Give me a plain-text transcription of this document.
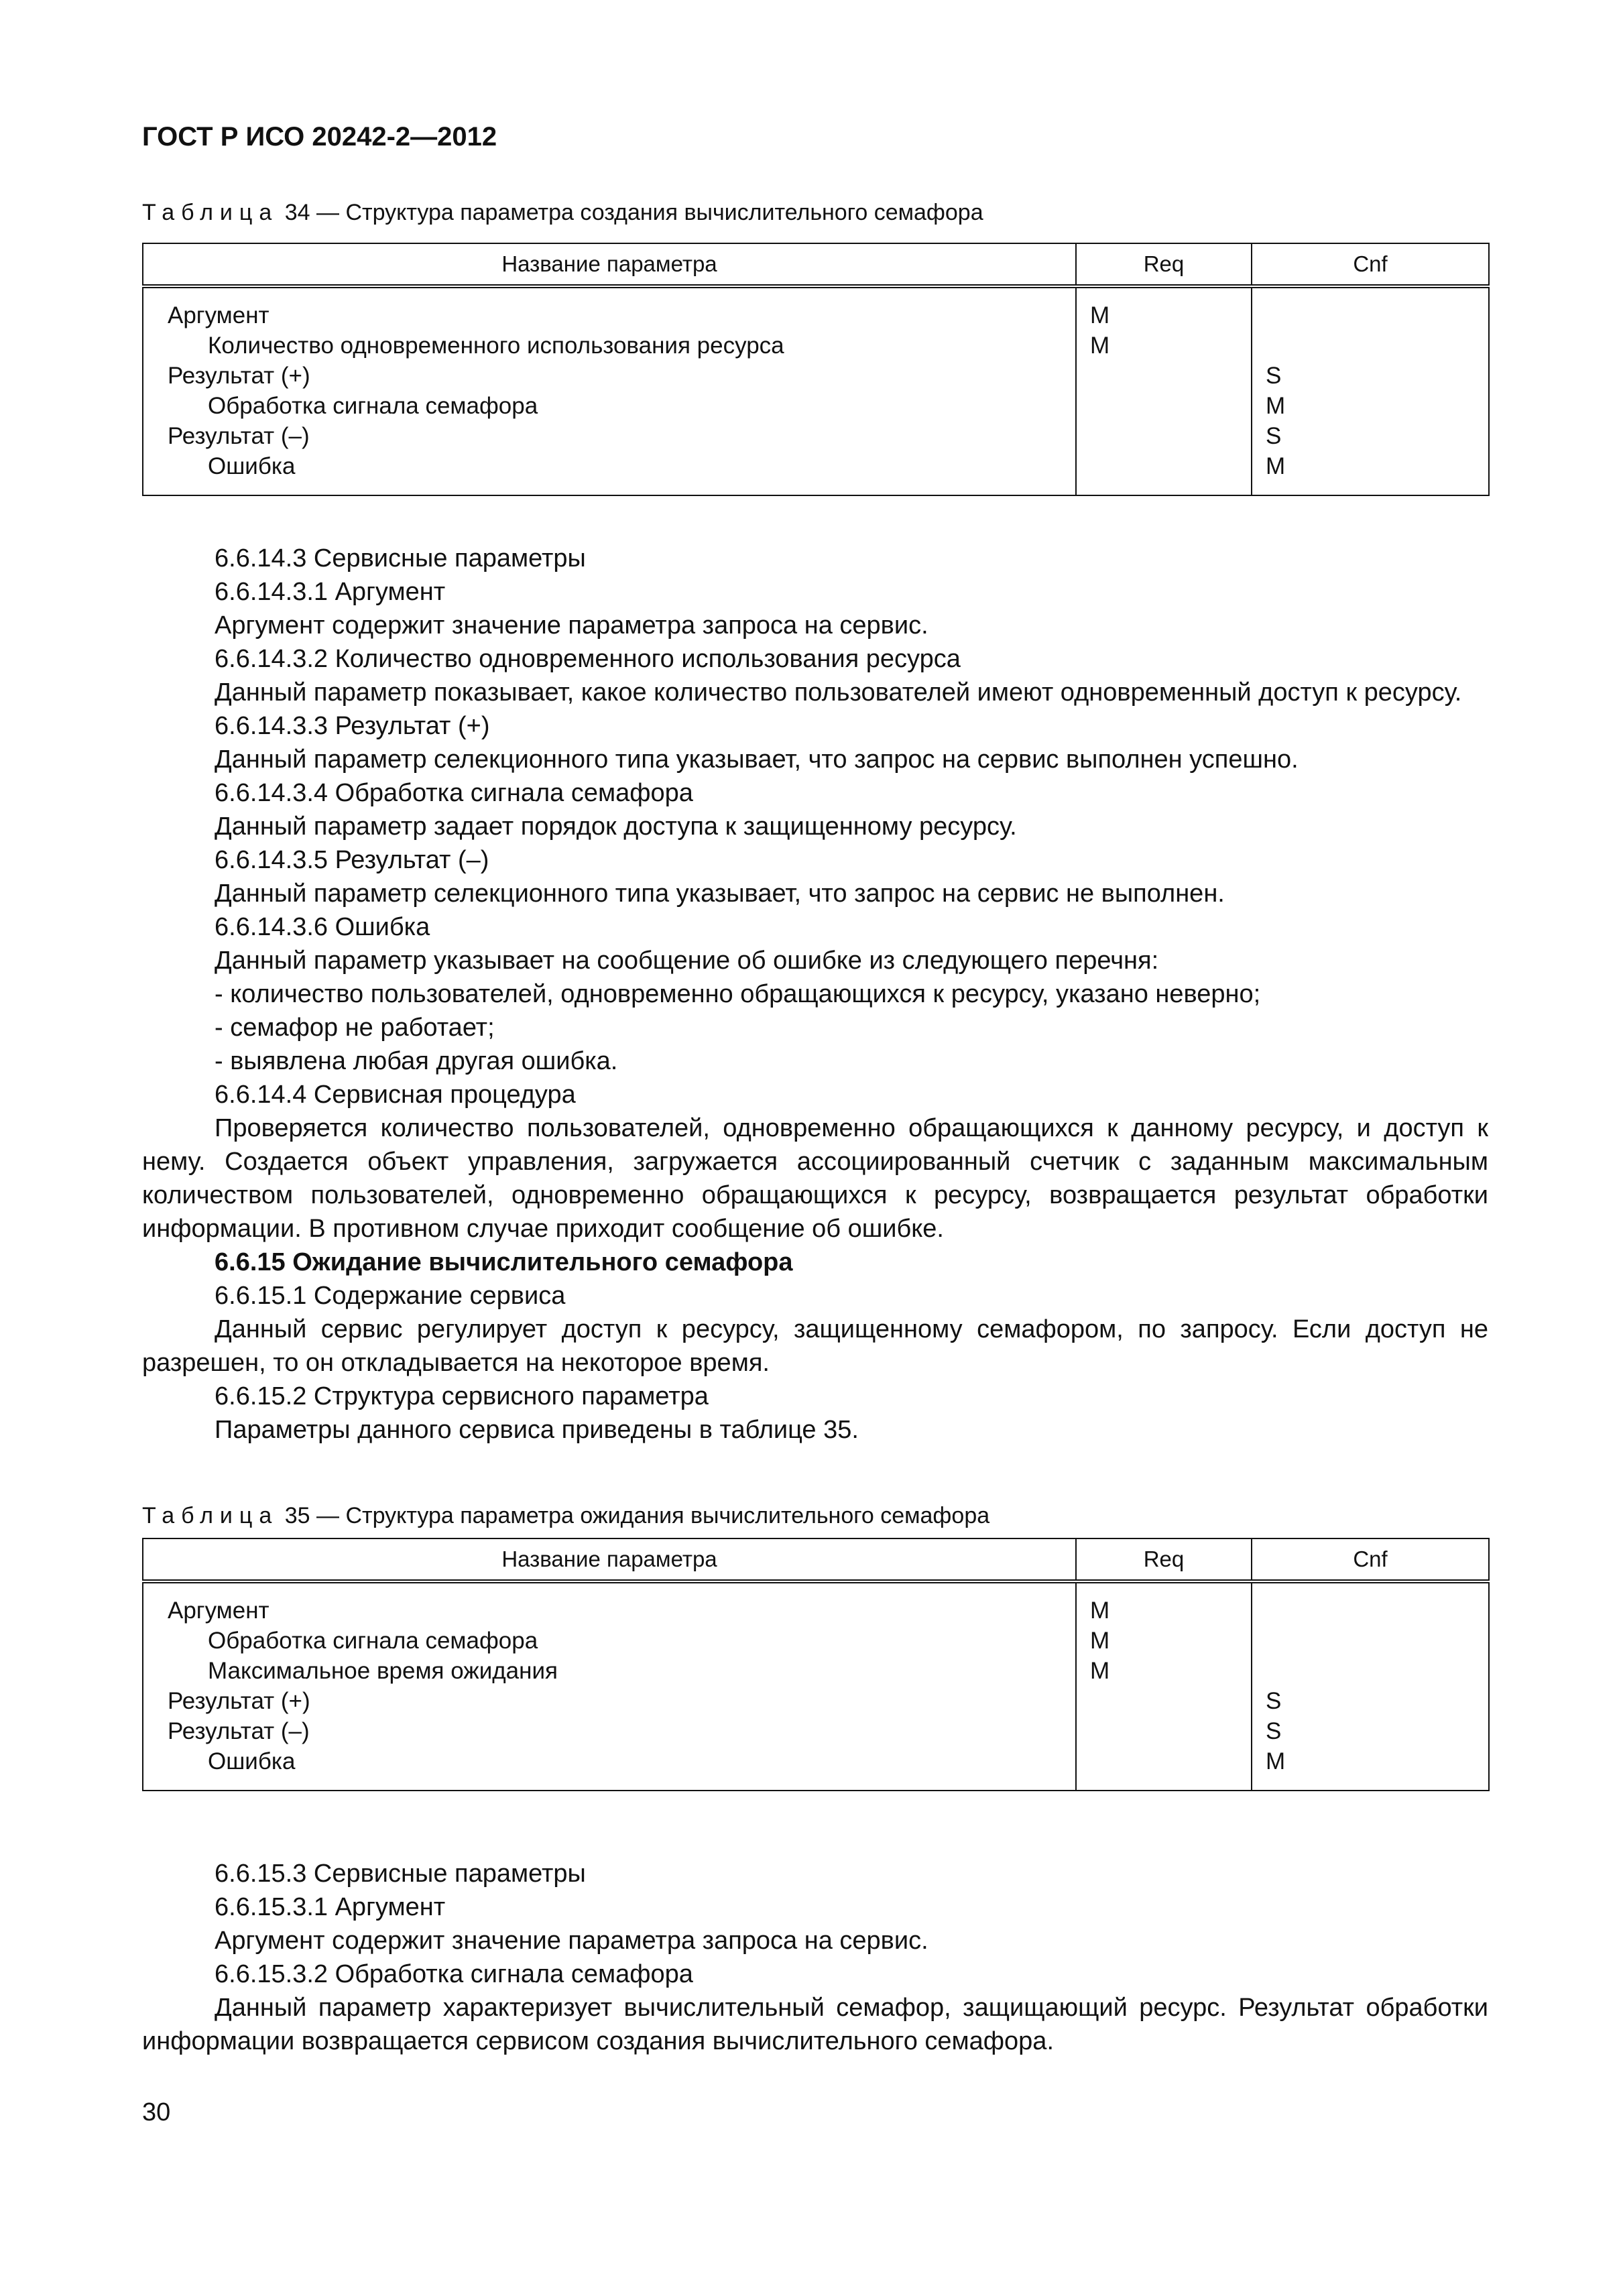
ГОСТ Р ИСО 20242-2—2012
Таблица 34 — Структура параметра создания вычислительного семафора
Название параметра	Req	Cnf
Аргумент	M	
Количество одновременного использования ресурса	M	
Результат (+)		S
Обработка сигнала семафора		M
Результат (–)		S
Ошибка		M

6.6.14.3 Сервисные параметры

6.6.14.3.1 Аргумент

Аргумент содержит значение параметра запроса на сервис.

6.6.14.3.2 Количество одновременного использования ресурса

Данный параметр показывает, какое количество пользователей имеют одновременный доступ к ресурсу.

6.6.14.3.3 Результат (+)

Данный параметр селекционного типа указывает, что запрос на сервис выполнен успешно.

6.6.14.3.4 Обработка сигнала семафора

Данный параметр задает порядок доступа к защищенному ресурсу.

6.6.14.3.5 Результат (–)

Данный параметр селекционного типа указывает, что запрос на сервис не выполнен.

6.6.14.3.6 Ошибка

Данный параметр указывает на сообщение об ошибке из следующего перечня:

- количество пользователей, одновременно обращающихся к ресурсу, указано неверно;

- семафор не работает;

- выявлена любая другая ошибка.

6.6.14.4 Сервисная процедура

Проверяется количество пользователей, одновременно обращающихся к данному ресурсу, и доступ к нему. Создается объект управления, загружается ассоциированный счетчик с заданным максимальным количеством пользователей, одновременно обращающихся к ресурсу, возвращается результат обработки информации. В противном случае приходит сообщение об ошибке.

6.6.15 Ожидание вычислительного семафора

6.6.15.1 Содержание сервиса

Данный сервис регулирует доступ к ресурсу, защищенному семафором, по запросу. Если доступ не разрешен, то он откладывается на некоторое время.

6.6.15.2 Структура сервисного параметра

Параметры данного сервиса приведены в таблице 35.

Таблица 35 — Структура параметра ожидания вычислительного семафора
Название параметра	Req	Cnf
Аргумент	M	
Обработка сигнала семафора	M	
Максимальное время ожидания	M	
Результат (+)		S
Результат (–)		S
Ошибка		M

6.6.15.3 Сервисные параметры

6.6.15.3.1 Аргумент

Аргумент содержит значение параметра запроса на сервис.

6.6.15.3.2 Обработка сигнала семафора

Данный параметр характеризует вычислительный семафор, защищающий ресурс. Результат обработки информации возвращается сервисом создания вычислительного семафора.

30
